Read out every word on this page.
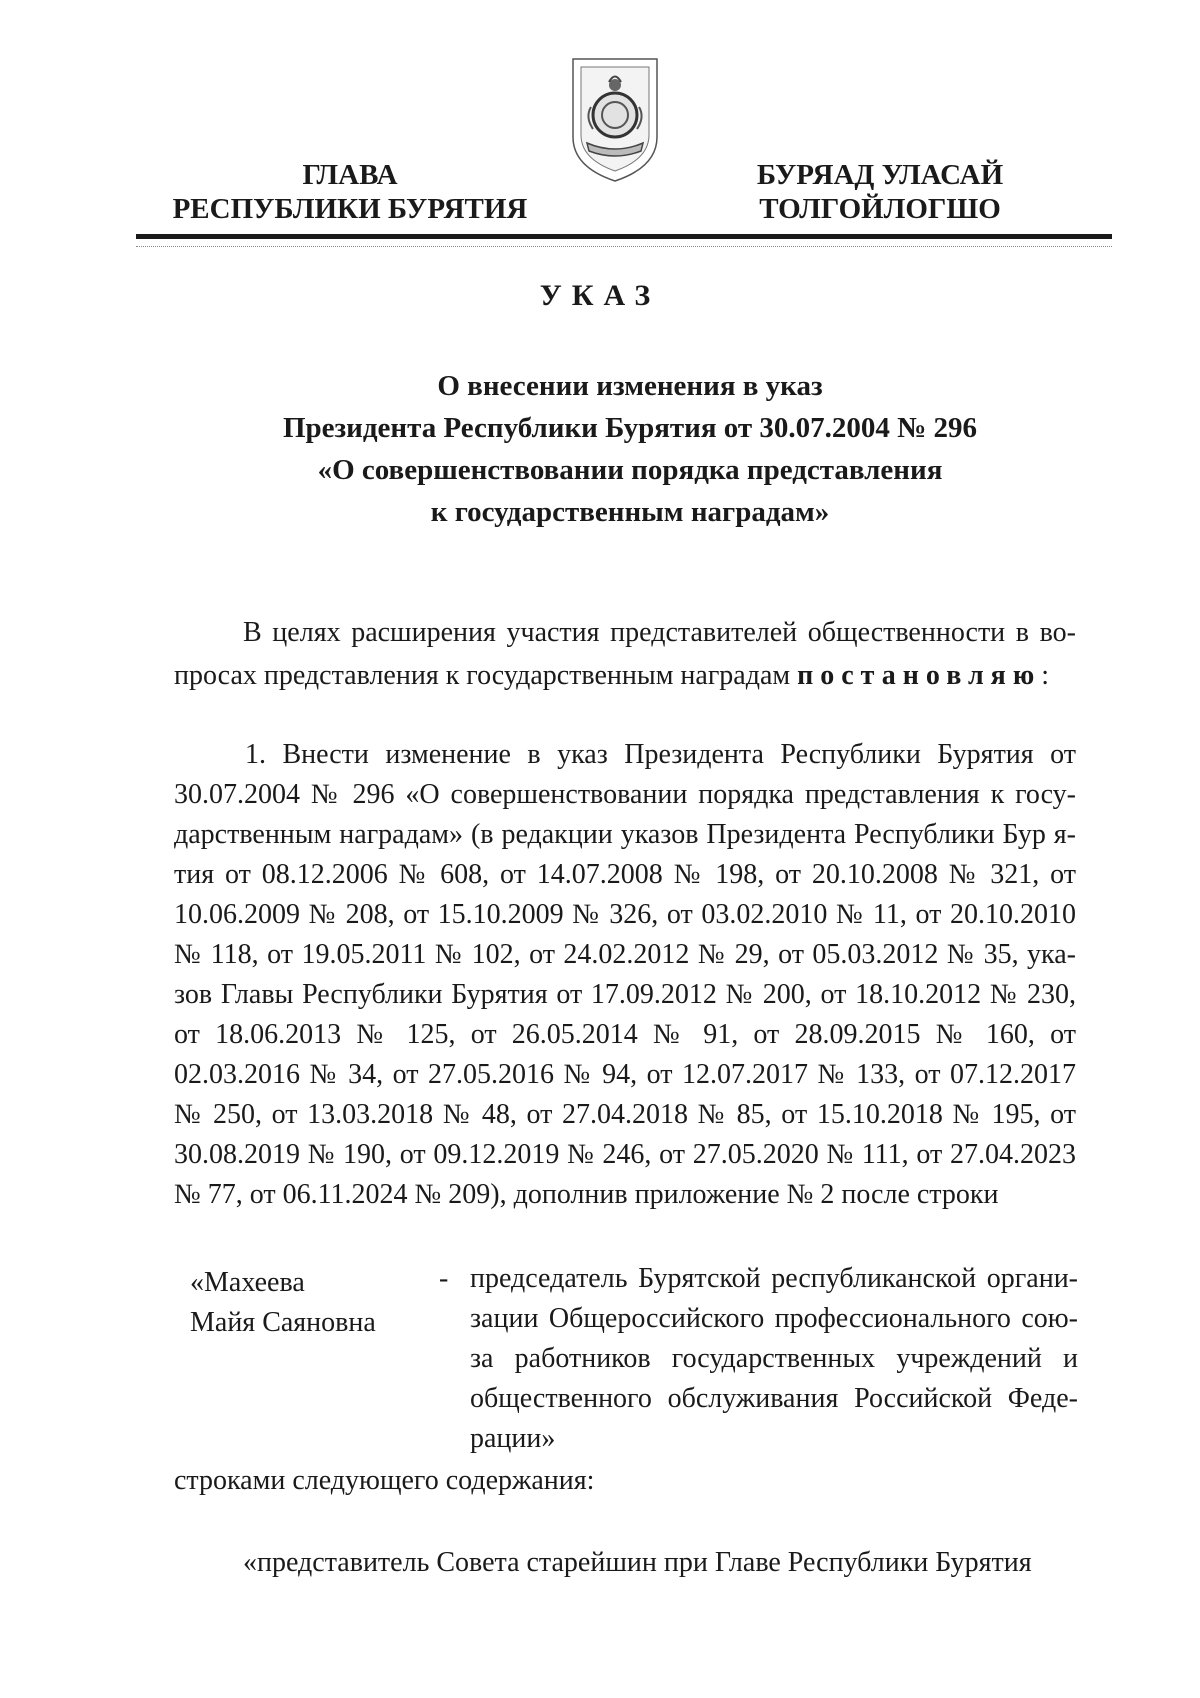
ГЛАВА
РЕСПУБЛИКИ БУРЯТИЯ
БУРЯАД УЛАСАЙ
ТОЛГОЙЛОГШО
УКАЗ
О внесении изменения в указ
Президента Республики Бурятия от 30.07.2004 № 296
«О совершенствовании порядка представления
к государственным наградам»
В целях расширения участия представителей общественности в во-
просах представления к государственным наградам постановляю:
1. Внести изменение в указ Президента Республики Бурятия от
30.07.2004 № 296 «О совершенствовании порядка представления к госу-
дарственным наградам» (в редакции указов Президента Республики Бур я-
тия от 08.12.2006 № 608, от 14.07.2008 № 198, от 20.10.2008 № 321, от
10.06.2009 № 208, от 15.10.2009 № 326, от 03.02.2010 № 11, от 20.10.2010
№ 118, от 19.05.2011 № 102, от 24.02.2012 № 29, от 05.03.2012 № 35, ука-
зов Главы Республики Бурятия от 17.09.2012 № 200, от 18.10.2012 № 230,
от 18.06.2013 № 125, от 26.05.2014 № 91, от 28.09.2015 № 160, от
02.03.2016 № 34, от 27.05.2016 № 94, от 12.07.2017 № 133, от 07.12.2017
№ 250, от 13.03.2018 № 48, от 27.04.2018 № 85, от 15.10.2018 № 195, от
30.08.2019 № 190, от 09.12.2019 № 246, от 27.05.2020 № 111, от 27.04.2023
№ 77, от 06.11.2024 № 209), дополнив приложение № 2 после строки
«Махеева
Майя Саяновна
- председатель Бурятской республиканской органи-
зации Общероссийского профессионального сою-
за работников государственных учреждений и
общественного обслуживания Российской Феде-
рации»
строками следующего содержания:
«представитель Совета старейшин при Главе Республики Бурятия
